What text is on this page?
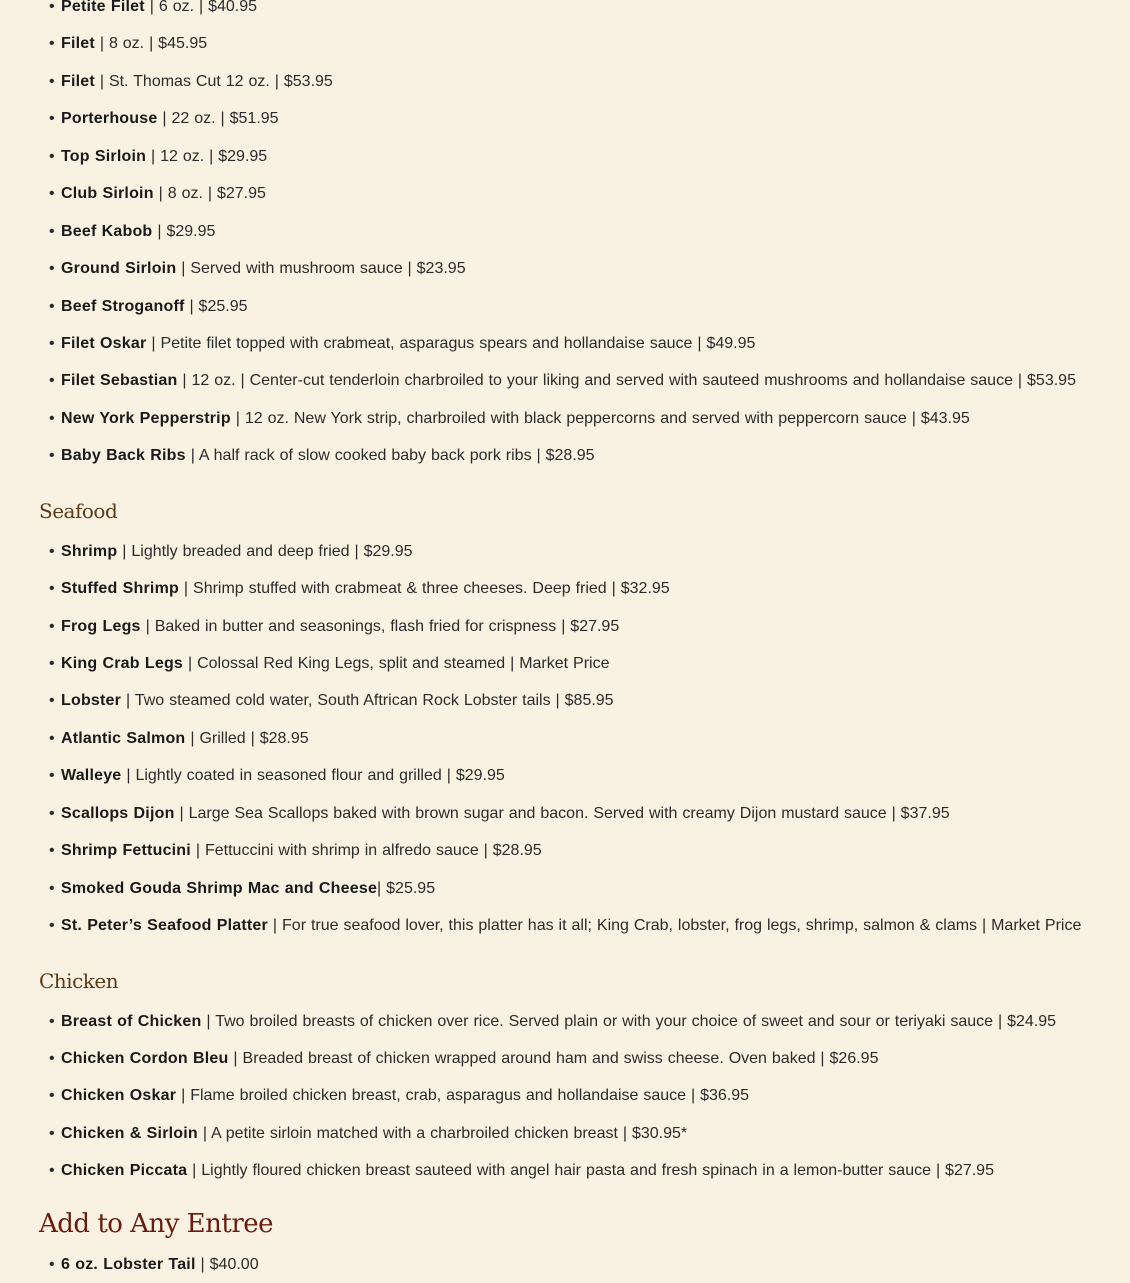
• Petite Filet | 6 oz. | $40.95
• Filet | 8 oz. | $45.95
• Filet | St. Thomas Cut 12 oz. | $53.95
• Porterhouse | 22 oz. | $51.95
• Top Sirloin | 12 oz. | $29.95
• Club Sirloin | 8 oz. | $27.95
• Beef Kabob | $29.95
• Ground Sirloin | Served with mushroom sauce | $23.95
• Beef Stroganoff | $25.95
• Filet Oskar | Petite filet topped with crabmeat, asparagus spears and hollandaise sauce | $49.95
• Filet Sebastian | 12 oz. | Center-cut tenderloin charbroiled to your liking and served with sauteed mushrooms and hollandaise sauce | $53.95
• New York Pepperstrip | 12 oz. New York strip, charbroiled with black peppercorns and served with peppercorn sauce | $43.95
• Baby Back Ribs | A half rack of slow cooked baby back pork ribs | $28.95
Seafood
• Shrimp | Lightly breaded and deep fried | $29.95
• Stuffed Shrimp | Shrimp stuffed with crabmeat & three cheeses. Deep fried | $32.95
• Frog Legs | Baked in butter and seasonings, flash fried for crispness | $27.95
• King Crab Legs | Colossal Red King Legs, split and steamed | Market Price
• Lobster | Two steamed cold water, South Aftrican Rock Lobster tails | $85.95
• Atlantic Salmon | Grilled | $28.95
• Walleye | Lightly coated in seasoned flour and grilled | $29.95
• Scallops Dijon | Large Sea Scallops baked with brown sugar and bacon. Served with creamy Dijon mustard sauce | $37.95
• Shrimp Fettucini | Fettuccini with shrimp in alfredo sauce | $28.95
• Smoked Gouda Shrimp Mac and Cheese| $25.95
• St. Peter’s Seafood Platter | For true seafood lover, this platter has it all; King Crab, lobster, frog legs, shrimp, salmon & clams | Market Price
Chicken
• Breast of Chicken | Two broiled breasts of chicken over rice. Served plain or with your choice of sweet and sour or teriyaki sauce | $24.95
• Chicken Cordon Bleu | Breaded breast of chicken wrapped around ham and swiss cheese. Oven baked | $26.95
• Chicken Oskar | Flame broiled chicken breast, crab, asparagus and hollandaise sauce | $36.95
• Chicken & Sirloin | A petite sirloin matched with a charbroiled chicken breast | $30.95*
• Chicken Piccata | Lightly floured chicken breast sauteed with angel hair pasta and fresh spinach in a lemon-butter sauce | $27.95
Add to Any Entree
• 6 oz. Lobster Tail | $40.00
